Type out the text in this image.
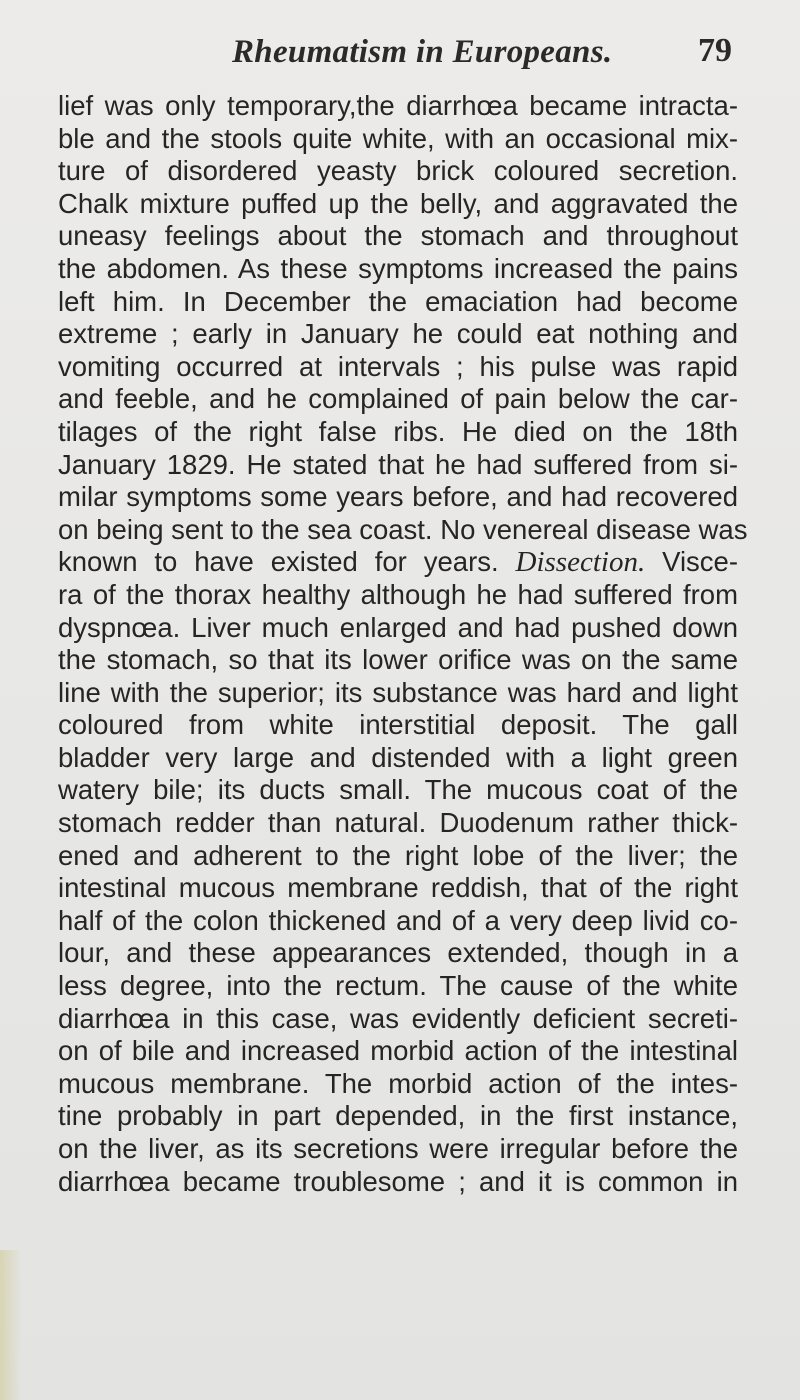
Rheumatism in Europeans.	79
lief was only temporary,the diarrhœa became intracta-
ble and the stools quite white, with an occasional mix-
ture of disordered yeasty brick coloured secretion.
Chalk mixture puffed up the belly, and aggravated the
uneasy feelings about the stomach and throughout
the abdomen. As these symptoms increased the pains
left him. In December the emaciation had become
extreme ; early in January he could eat nothing and
vomiting occurred at intervals ; his pulse was rapid
and feeble, and he complained of pain below the car-
tilages of the right false ribs. He died on the 18th
January 1829. He stated that he had suffered from si-
milar symptoms some years before, and had recovered
on being sent to the sea coast. No venereal disease was
known to have existed for years. Dissection. Visce-
ra of the thorax healthy although he had suffered from
dyspnœa. Liver much enlarged and had pushed down
the stomach, so that its lower orifice was on the same
line with the superior; its substance was hard and light
coloured from white interstitial deposit. The gall
bladder very large and distended with a light green
watery bile; its ducts small. The mucous coat of the
stomach redder than natural. Duodenum rather thick-
ened and adherent to the right lobe of the liver; the
intestinal mucous membrane reddish, that of the right
half of the colon thickened and of a very deep livid co-
lour, and these appearances extended, though in a
less degree, into the rectum. The cause of the white
diarrhœa in this case, was evidently deficient secreti-
on of bile and increased morbid action of the intestinal
mucous membrane. The morbid action of the intes-
tine probably in part depended, in the first instance,
on the liver, as its secretions were irregular before the
diarrhœa became troublesome ; and it is common in
